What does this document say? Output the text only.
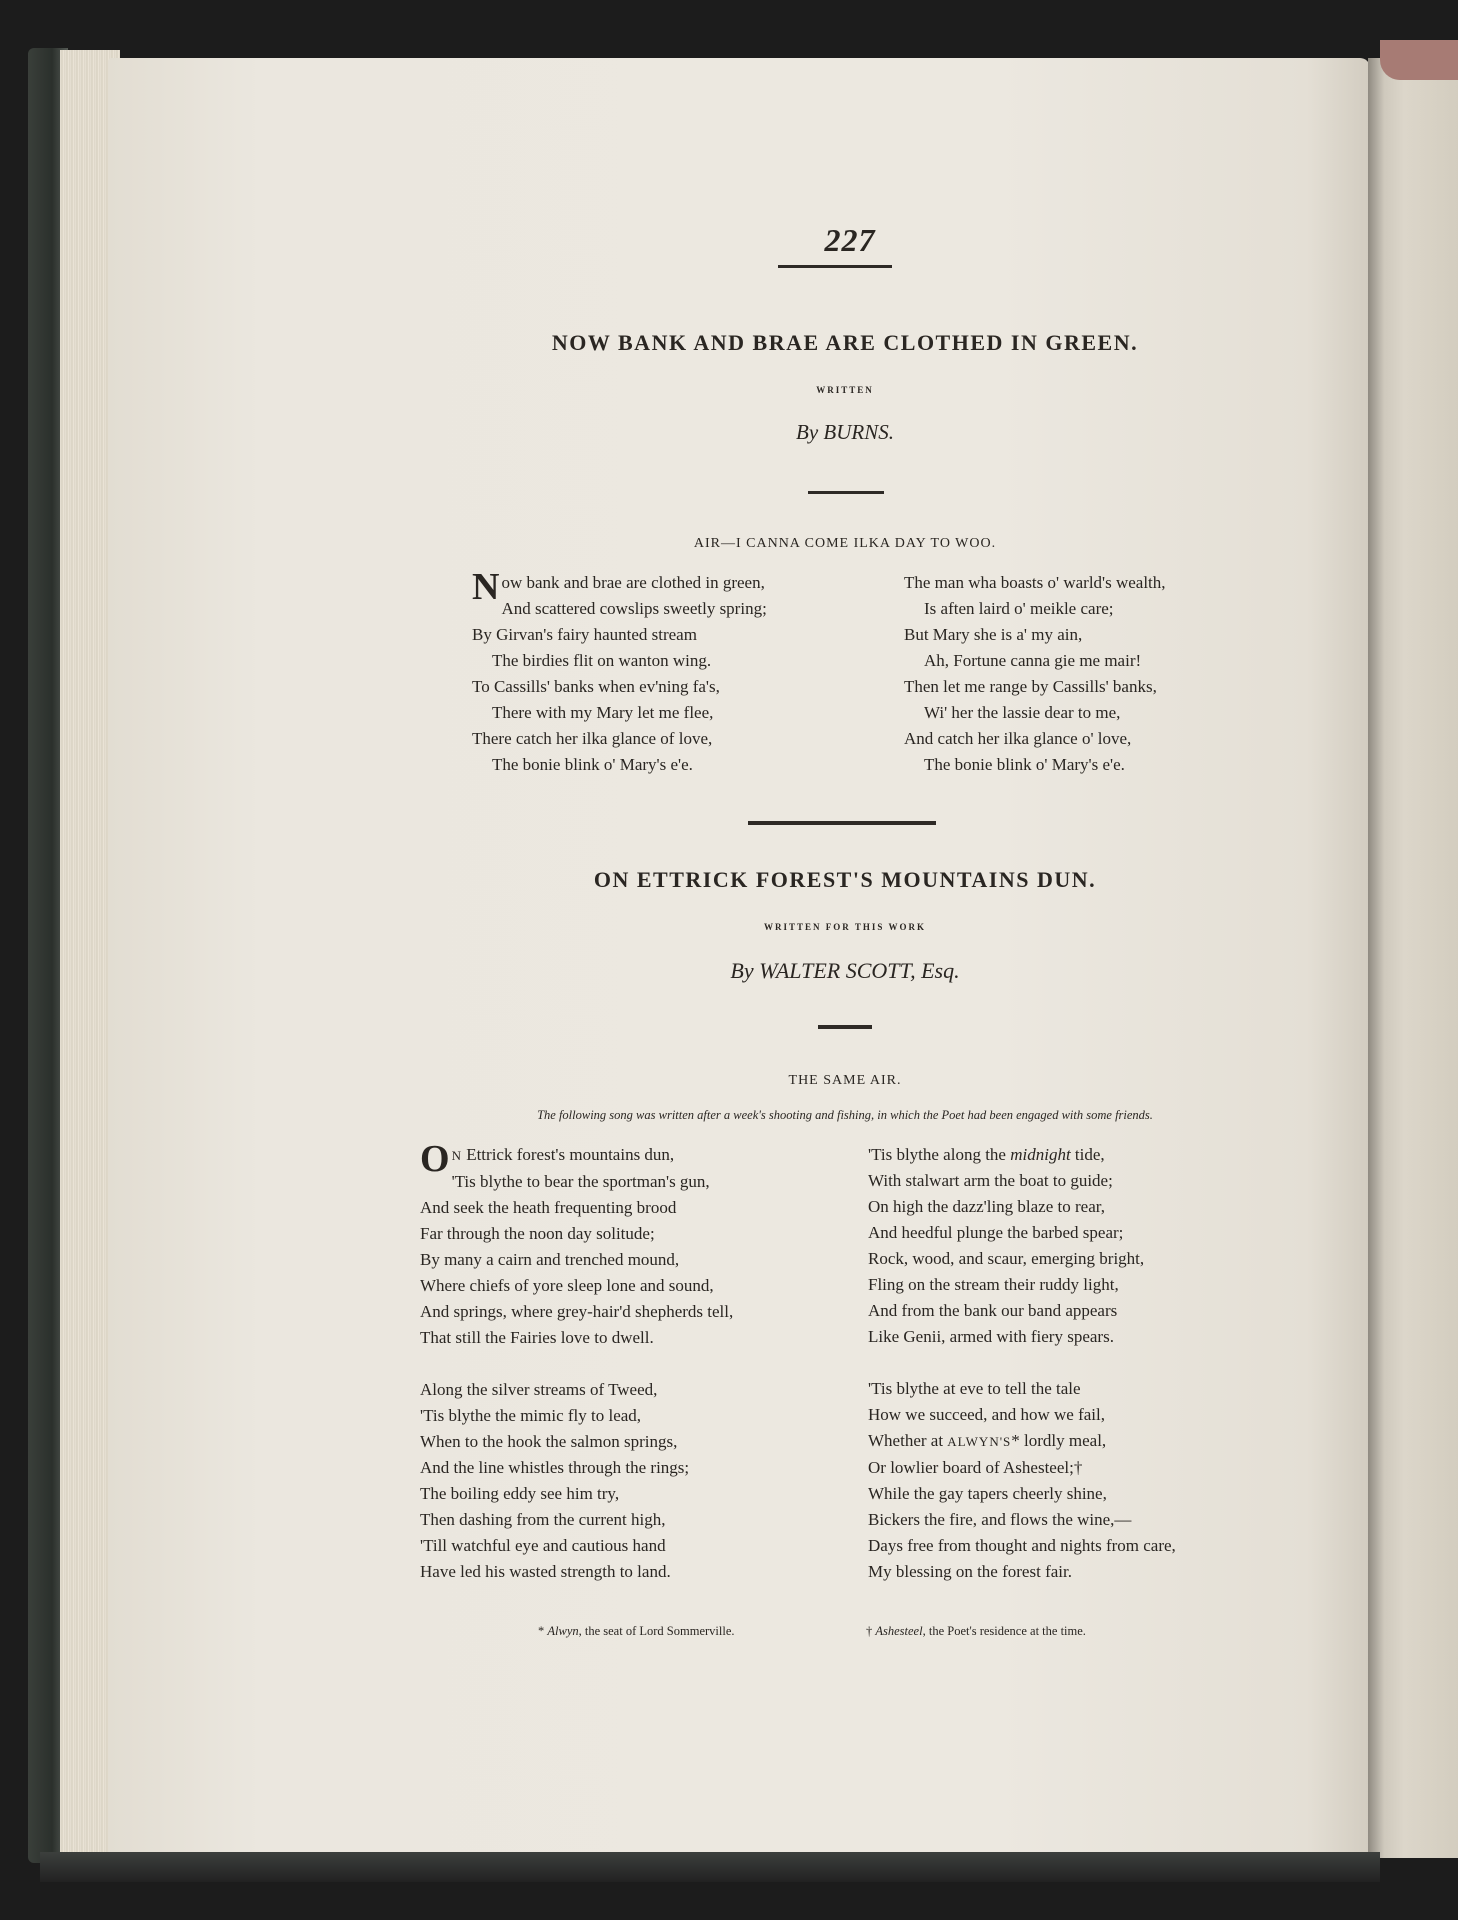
227
NOW BANK AND BRAE ARE CLOTHED IN GREEN.
WRITTEN
By BURNS.
AIR—I CANNA COME ILKA DAY TO WOO.
Now bank and brae are clothed in green,
And scattered cowslips sweetly spring;
By Girvan's fairy haunted stream
The birdies flit on wanton wing.
To Cassills' banks when ev'ning fa's,
There with my Mary let me flee,
There catch her ilka glance of love,
The bonie blink o' Mary's e'e.
The man wha boasts o' warld's wealth,
Is aften laird o' meikle care;
But Mary she is a' my ain,
Ah, Fortune canna gie me mair!
Then let me range by Cassills' banks,
Wi' her the lassie dear to me,
And catch her ilka glance o' love,
The bonie blink o' Mary's e'e.
ON ETTRICK FOREST'S MOUNTAINS DUN.
WRITTEN FOR THIS WORK
By WALTER SCOTT, Esq.
THE SAME AIR.
The following song was written after a week's shooting and fishing, in which the Poet had been engaged with some friends.
O N Ettrick forest's mountains dun,
'Tis blythe to bear the sportman's gun,
And seek the heath frequenting brood
Far through the noon day solitude;
By many a cairn and trenched mound,
Where chiefs of yore sleep lone and sound,
And springs, where grey-hair'd shepherds tell,
That still the Fairies love to dwell.

Along the silver streams of Tweed,
'Tis blythe the mimic fly to lead,
When to the hook the salmon springs,
And the line whistles through the rings;
The boiling eddy see him try,
Then dashing from the current high,
'Till watchful eye and cautious hand
Have led his wasted strength to land.
'Tis blythe along the midnight tide,
With stalwart arm the boat to guide;
On high the dazz'ling blaze to rear,
And heedful plunge the barbed spear;
Rock, wood, and scaur, emerging bright,
Fling on the stream their ruddy light,
And from the bank our band appears
Like Genii, armed with fiery spears.

'Tis blythe at eve to tell the tale
How we succeed, and how we fail,
Whether at ALWYN'S* lordly meal,
Or lowlier board of Ashesteel;†
While the gay tapers cheerly shine,
Bickers the fire, and flows the wine,—
Days free from thought and nights from care,
My blessing on the forest fair.
* Alwyn, the seat of Lord Sommerville.	† Ashesteel, the Poet's residence at the time.
